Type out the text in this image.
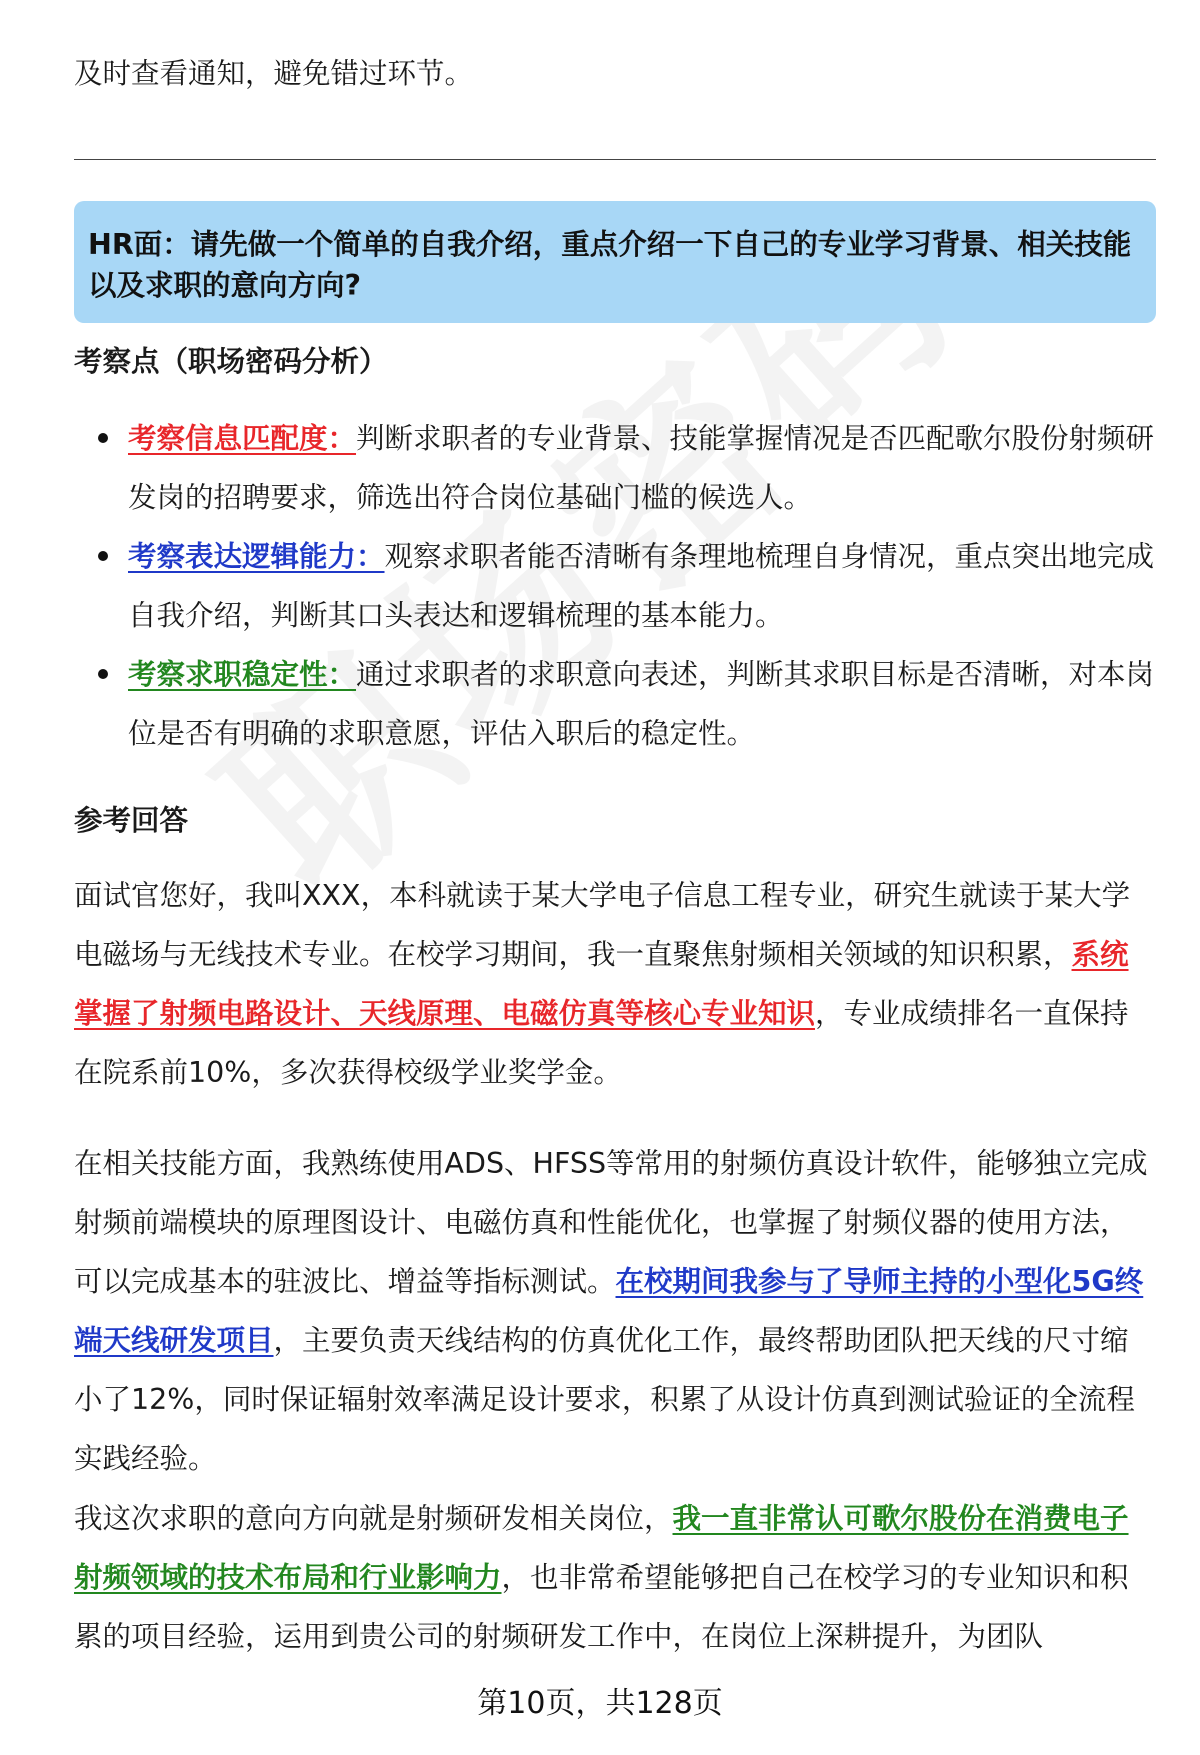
及时查看通知，避免错过环节。

HR面：请先做一个简单的自我介绍，重点介绍一下自己的专业学习背景、相关技能以及求职的意向方向?
考察点（职场密码分析）
考察信息匹配度：判断求职者的专业背景、技能掌握情况是否匹配歌尔股份射频研发岗的招聘要求，筛选出符合岗位基础门槛的候选人。
考察表达逻辑能力：观察求职者能否清晰有条理地梳理自身情况，重点突出地完成自我介绍，判断其口头表达和逻辑梳理的基本能力。
考察求职稳定性：通过求职者的求职意向表述，判断其求职目标是否清晰，对本岗位是否有明确的求职意愿，评估入职后的稳定性。
参考回答

面试官您好，我叫XXX，本科就读于某大学电子信息工程专业，研究生就读于某大学电磁场与无线技术专业。在校学习期间，我一直聚焦射频相关领域的知识积累，系统掌握了射频电路设计、天线原理、电磁仿真等核心专业知识，专业成绩排名一直保持在院系前10%，多次获得校级学业奖学金。

在相关技能方面，我熟练使用ADS、HFSS等常用的射频仿真设计软件，能够独立完成射频前端模块的原理图设计、电磁仿真和性能优化，也掌握了射频仪器的使用方法，可以完成基本的驻波比、增益等指标测试。在校期间我参与了导师主持的小型化5G终端天线研发项目，主要负责天线结构的仿真优化工作，最终帮助团队把天线的尺寸缩小了12%，同时保证辐射效率满足设计要求，积累了从设计仿真到测试验证的全流程实践经验。

我这次求职的意向方向就是射频研发相关岗位，我一直非常认可歌尔股份在消费电子射频领域的技术布局和行业影响力，也非常希望能够把自己在校学习的专业知识和积累的项目经验，运用到贵公司的射频研发工作中，在岗位上深耕提升，为团队

第10页，共128页
